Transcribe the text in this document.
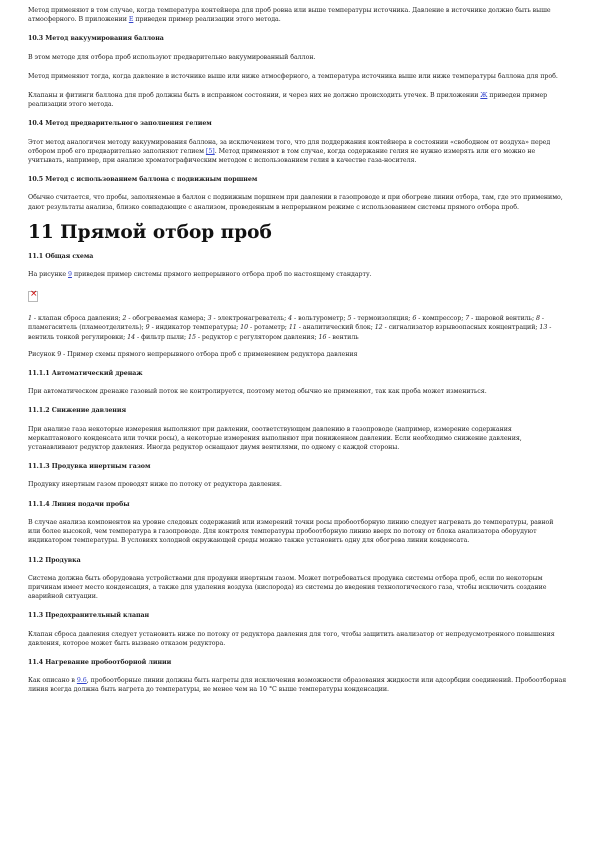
Метод применяют в том случае, когда температура контейнера для проб ровна или выше температуры источника. Давление в источнике должно быть выше атмосферного. В приложении Е приведен пример реализации этого метода.

10.3 Метод вакуумирования баллона

В этом методе для отбора проб используют предварительно вакуумированный баллон.

Метод применяют тогда, когда давление в источнике выше или ниже атмосферного, а температура источника выше или ниже температуры баллона для проб.

Клапаны и фитинги баллона для проб должны быть в исправном состоянии, и через них не должно происходить утечек. В приложении Ж приведен пример реализации этого метода.

10.4 Метод предварительного заполнения гелием

Этот метод аналогичен методу вакуумирования баллона, за исключением того, что для поддержания контейнера в состоянии «свободном от воздуха» перед отбором проб его предварительно заполняют гелием [5]. Метод применяют в том случае, когда содержание гелия не нужно измерять или его можно не учитывать, например, при анализе хроматографическим методом с использованием гелия в качестве газа-носителя.

10.5 Метод с использованием баллона с подвижным поршнем

Обычно считается, что пробы, заполняемые в баллон с подвижным поршнем при давлении в газопроводе и при обогреве линии отбора, там, где это применимо, дают результаты анализа, близко совпадающие с анализом, проведенным в непрерывном режиме с использованием системы прямого отбора проб.

11 Прямой отбор проб

11.1 Общая схема

На рисунке 9 приведен пример системы прямого непрерывного отбора проб по настоящему стандарту.

×

1 - клапан сброса давления; 2 - обогреваемая камера; 3 - электронагреватель; 4 - вольтурометр; 5 - термоизоляция; 6 - компрессор; 7 - шаровой вентиль; 8 - пламегаситель (пламеотделитель); 9 - индикатор температуры; 10 - ротаметр; 11 - аналитический блок; 12 - сигнализатор взрывоопасных концентраций; 13 - вентиль тонкой регулировки; 14 - фильтр пыли; 15 - редуктор с регулятором давления; 16 - вентиль

Рисунок 9 - Пример схемы прямого непрерывного отбора проб с применением редуктора давления

11.1.1 Автоматический дренаж

При автоматическом дренаже газовый поток не контролируется, поэтому метод обычно не применяют, так как проба может измениться.

11.1.2 Снижение давления

При анализе газа некоторые измерения выполняют при давлении, соответствующем давлению в газопроводе (например, измерение содержания меркаптанового конденсата или точки росы), а некоторые измерения выполняют при пониженном давлении. Если необходимо снижение давления, устанавливают редуктор давления. Иногда редуктор оснащают двумя вентилями, по одному с каждой стороны.

11.1.3 Продувка инертным газом

Продувку инертным газом проводят ниже по потоку от редуктора давления.

11.1.4 Линия подачи пробы

В случае анализа компонентов на уровне следовых содержаний или измерений точки росы пробоотборную линию следует нагревать до температуры, равной или более высокой, чем температура в газопроводе. Для контроля температуры пробоотборную линию вверх по потоку от блока анализатора оборудуют индикатором температуры. В условиях холодной окружающей среды можно также установить одну для обогрева линии конденсата.

11.2 Продувка

Система должна быть оборудована устройствами для продувки инертным газом. Может потребоваться продувка системы отбора проб, если по некоторым причинам имеет место конденсация, а также для удаления воздуха (кислорода) из системы до введения технологического газа, чтобы исключить создание аварийной ситуации.

11.3 Предохранительный клапан

Клапан сброса давления следует установить ниже по потоку от редуктора давления для того, чтобы защитить анализатор от непредусмотренного повышения давления, которое может быть вызвано отказом редуктора.

11.4 Нагревание пробоотборной линии

Как описано в 9.6, пробоотборные линии должны быть нагреты для исключения возможности образования жидкости или адсорбции соединений. Пробоотборная линия всегда должна быть нагрета до температуры, не менее чем на 10 °С выше температуры конденсации.
